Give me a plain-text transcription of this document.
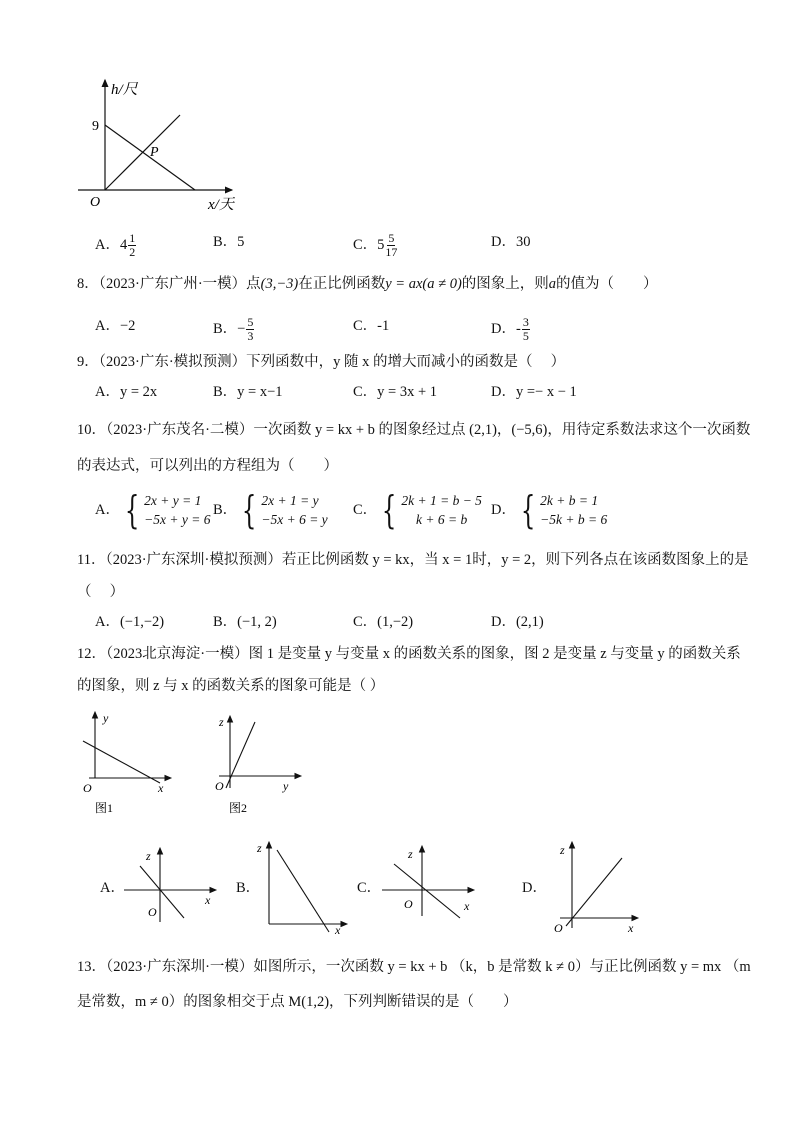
h/尺
9
P
O	x/天
A．$4 \frac{1}{2}$	B．5	C．$5 \frac{5}{17}$	D．30
8．（2023·广东广州·一模）点(3,−3)在正比例函数y = ax(a ≠ 0)的图象上，则a的值为（　　）
A．−2	B．− $\frac{5}{3}$	C．-1	D．- $\frac{3}{5}$
9．（2023·广东·模拟预测）下列函数中，y 随 x 的增大而减小的函数是（　 ）
A．y = 2x	B．y = x−1	C．y = 3x + 1	D．y =− x − 1
10．（2023·广东茂名·二模）一次函数 y = kx + b 的图象经过点 (2,1)，(−5,6)，用待定系数法求这个一次函数
的表达式，可以列出的方程组为（　　）
A． { 2x + y = 1
−5x + y = 6
B． { 2x + 1 = y
−5x + 6 = y
C． { 2k + 1 = b − 5
k + 6 = b
D． { 2k + b = 1
−5k + b = 6
11．（2023·广东深圳·模拟预测）若正比例函数 y = kx，当 x = 1时，y = 2，则下列各点在该函数图象上的是
（　 ）
A．(−1,−2)	B．(−1, 2)	C．(1,−2)	D．(2,1)
12．（2023北京海淀·一模）图 1 是变量 y 与变量 x 的函数关系的图象，图 2 是变量 z 与变量 y 的函数关系
的图象，则 z 与 x 的函数关系的图象可能是（ ）
y
x
O
图1
z
y
O
图2
A．
z
x
O
B．
z
x
C．
z
x
O
D．
z
x
O
13．（2023·广东深圳·一模）如图所示，一次函数 y = kx + b （k，b 是常数 k ≠ 0）与正比例函数 y = mx （m
是常数，m ≠ 0）的图象相交于点 M(1,2)，下列判断错误的是（　　）
